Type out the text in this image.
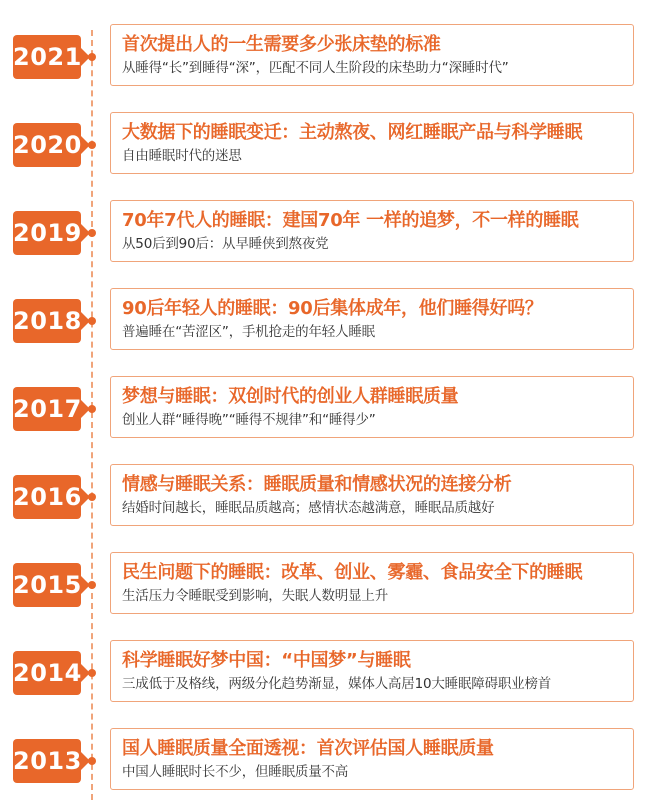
2021 首次提出人的一生需要多少张床垫的标准
从睡得“长”到睡得“深”，匹配不同人生阶段的床垫助力“深睡时代”
2020 大数据下的睡眠变迁：主动熬夜、网红睡眠产品与科学睡眠
自由睡眠时代的迷思
2019 70年7代人的睡眠：建国70年 一样的追梦，不一样的睡眠
从50后到90后：从早睡侠到熬夜党
2018 90后年轻人的睡眠：90后集体成年，他们睡得好吗？
普遍睡在“苦涩区”，手机抢走的年轻人睡眠
2017 梦想与睡眠：双创时代的创业人群睡眠质量
创业人群“睡得晚”“睡得不规律”和“睡得少”
2016 情感与睡眠关系：睡眠质量和情感状况的连接分析
结婚时间越长，睡眠品质越高；感情状态越满意，睡眠品质越好
2015 民生问题下的睡眠：改革、创业、雾霾、食品安全下的睡眠
生活压力令睡眠受到影响，失眠人数明显上升
2014 科学睡眠好梦中国：“中国梦”与睡眠
三成低于及格线，两级分化趋势渐显，媒体人高居10大睡眠障碍职业榜首
2013 国人睡眠质量全面透视：首次评估国人睡眠质量
中国人睡眠时长不少，但睡眠质量不高
